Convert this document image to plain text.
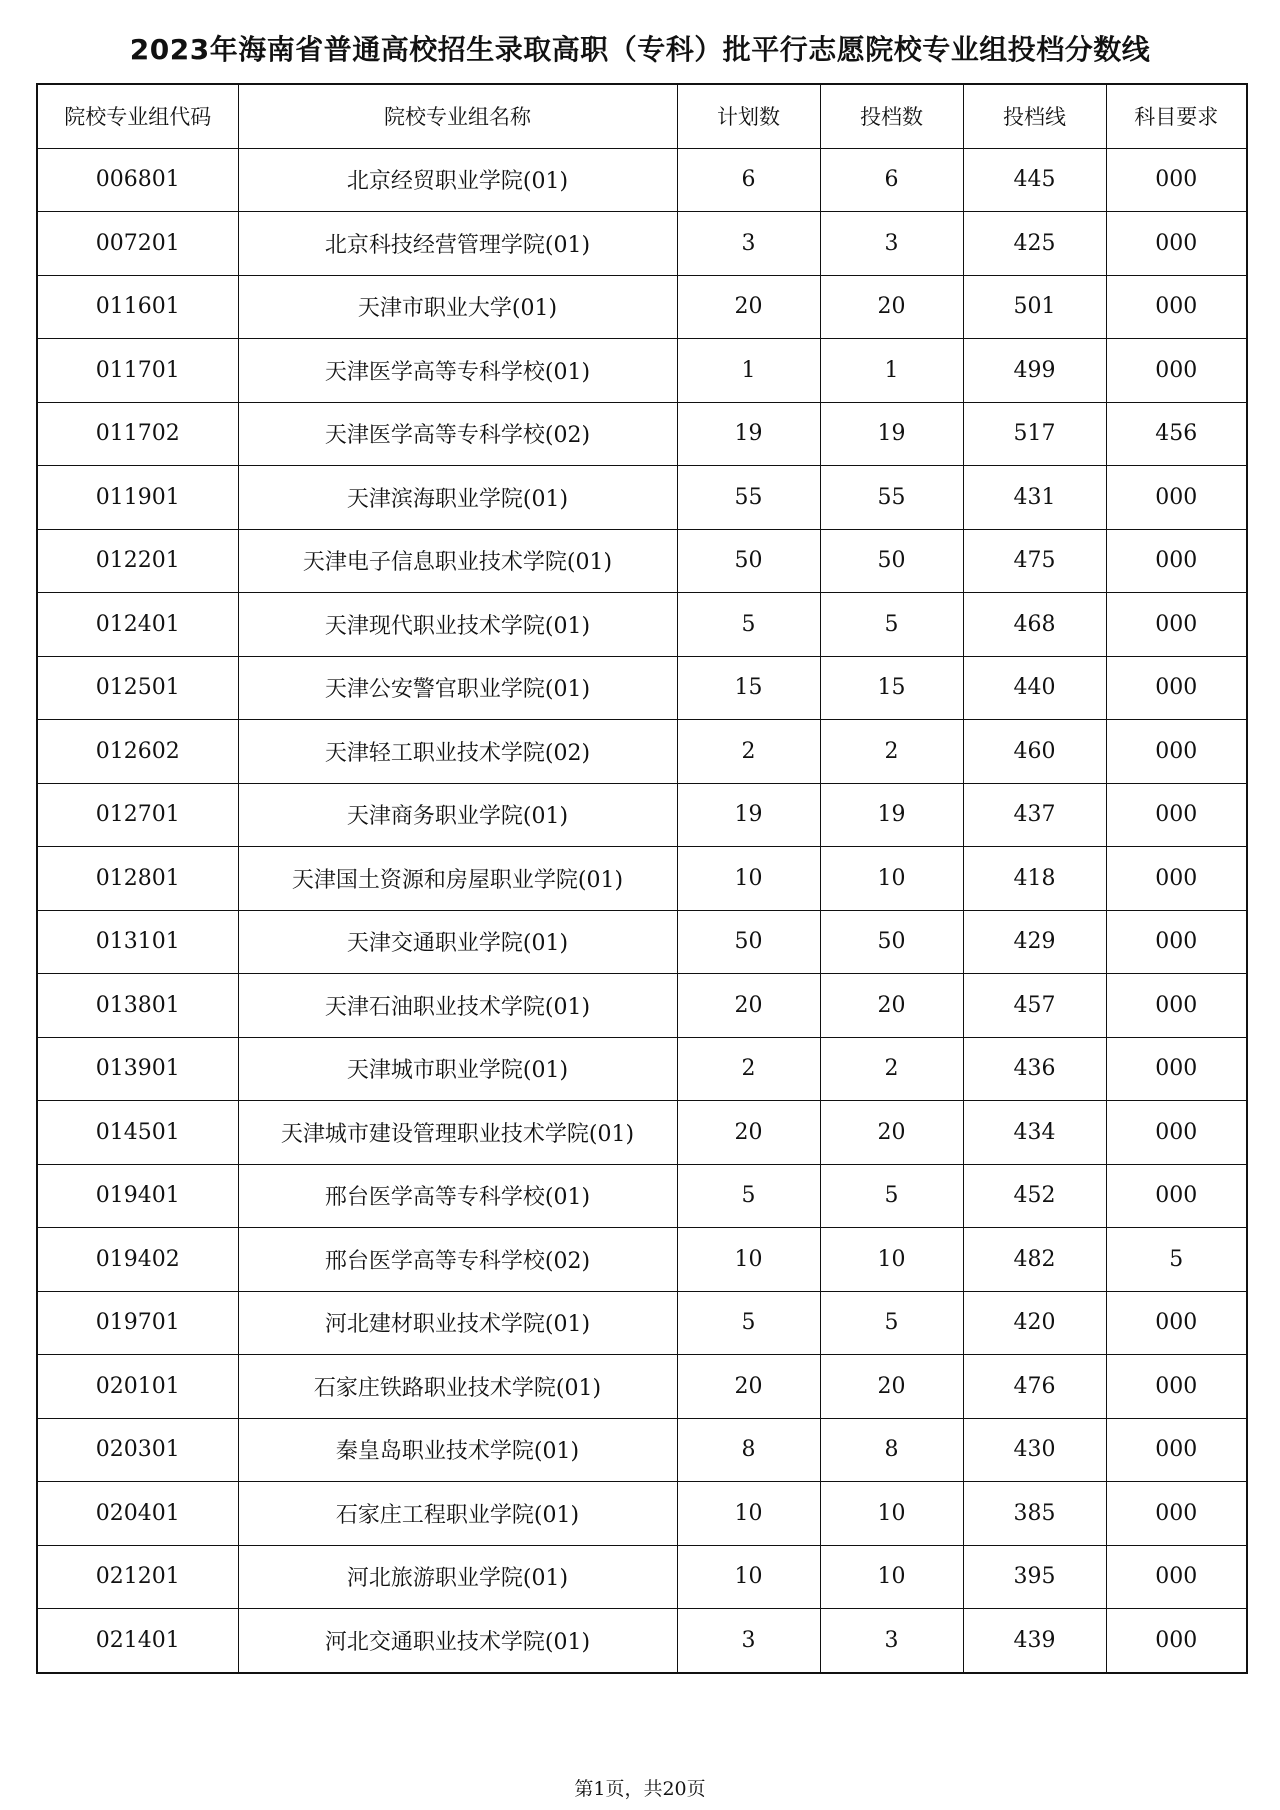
2023年海南省普通高校招生录取高职（专科）批平行志愿院校专业组投档分数线
院校专业组代码	院校专业组名称	计划数	投档数	投档线	科目要求
006801	北京经贸职业学院(01)	6	6	445	000
007201	北京科技经营管理学院(01)	3	3	425	000
011601	天津市职业大学(01)	20	20	501	000
011701	天津医学高等专科学校(01)	1	1	499	000
011702	天津医学高等专科学校(02)	19	19	517	456
011901	天津滨海职业学院(01)	55	55	431	000
012201	天津电子信息职业技术学院(01)	50	50	475	000
012401	天津现代职业技术学院(01)	5	5	468	000
012501	天津公安警官职业学院(01)	15	15	440	000
012602	天津轻工职业技术学院(02)	2	2	460	000
012701	天津商务职业学院(01)	19	19	437	000
012801	天津国土资源和房屋职业学院(01)	10	10	418	000
013101	天津交通职业学院(01)	50	50	429	000
013801	天津石油职业技术学院(01)	20	20	457	000
013901	天津城市职业学院(01)	2	2	436	000
014501	天津城市建设管理职业技术学院(01)	20	20	434	000
019401	邢台医学高等专科学校(01)	5	5	452	000
019402	邢台医学高等专科学校(02)	10	10	482	5
019701	河北建材职业技术学院(01)	5	5	420	000
020101	石家庄铁路职业技术学院(01)	20	20	476	000
020301	秦皇岛职业技术学院(01)	8	8	430	000
020401	石家庄工程职业学院(01)	10	10	385	000
021201	河北旅游职业学院(01)	10	10	395	000
021401	河北交通职业技术学院(01)	3	3	439	000
第1页，共20页
